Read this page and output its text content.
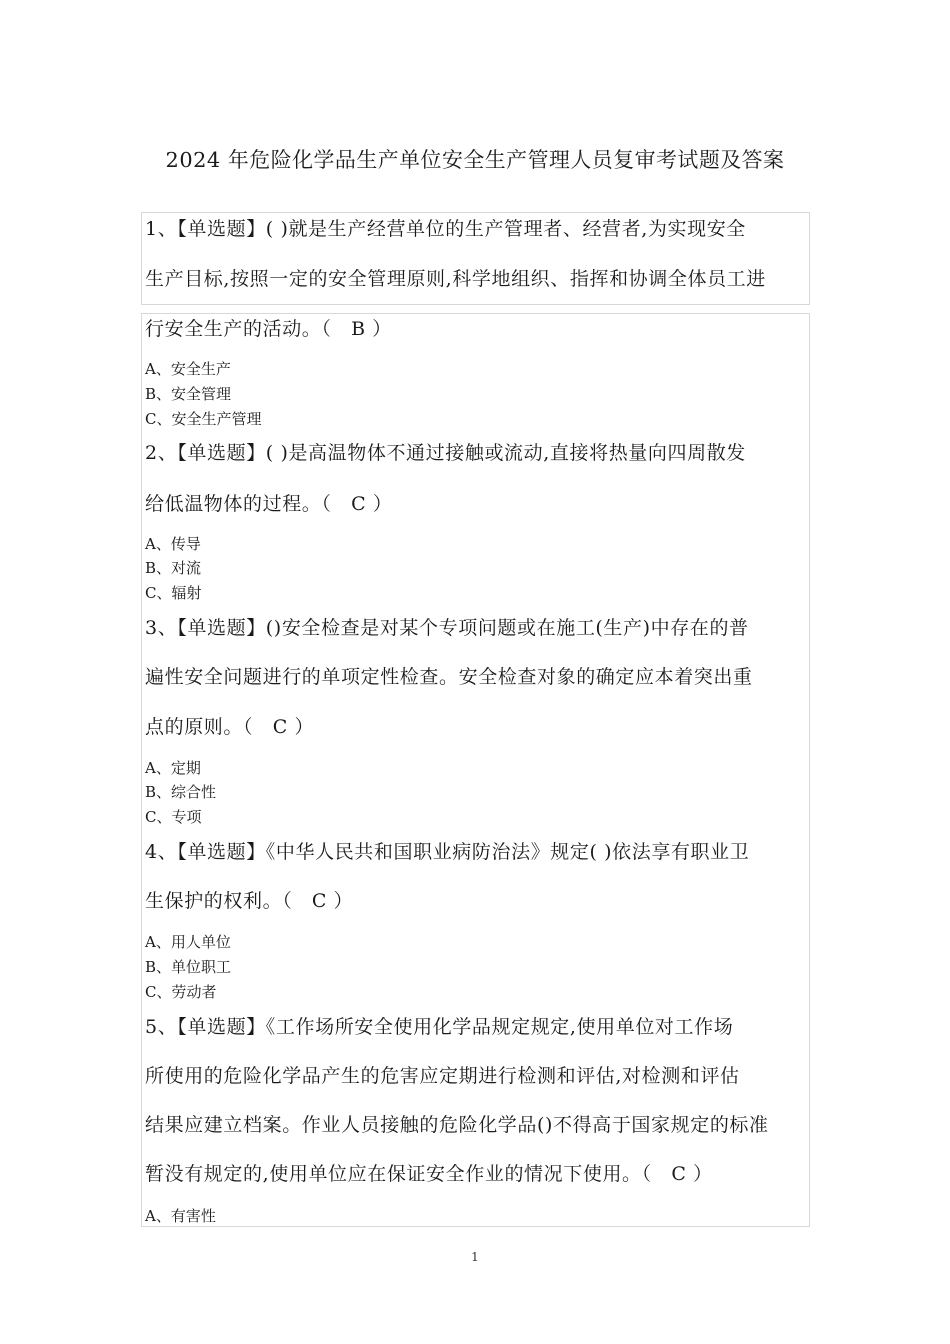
2024 年危险化学品生产单位安全生产管理人员复审考试题及答案
1、【单选题】( )就是生产经营单位的生产管理者、经营者,为实现安全
生产目标,按照一定的安全管理原则,科学地组织、指挥和协调全体员工进
行安全生产的活动。（　B ）
A、安全生产
B、安全管理
C、安全生产管理
2、【单选题】( )是高温物体不通过接触或流动,直接将热量向四周散发
给低温物体的过程。（　C ）
A、传导
B、对流
C、辐射
3、【单选题】()安全检查是对某个专项问题或在施工(生产)中存在的普
遍性安全问题进行的单项定性检查。安全检查对象的确定应本着突出重
点的原则。（　C ）
A、定期
B、综合性
C、专项
4、【单选题】《中华人民共和国职业病防治法》规定( )依法享有职业卫
生保护的权利。（　C ）
A、用人单位
B、单位职工
C、劳动者
5、【单选题】《工作场所安全使用化学品规定规定,使用单位对工作场
所使用的危险化学品产生的危害应定期进行检测和评估,对检测和评估
结果应建立档案。作业人员接触的危险化学品()不得高于国家规定的标准
暂没有规定的,使用单位应在保证安全作业的情况下使用。（　C ）
A、有害性
1
